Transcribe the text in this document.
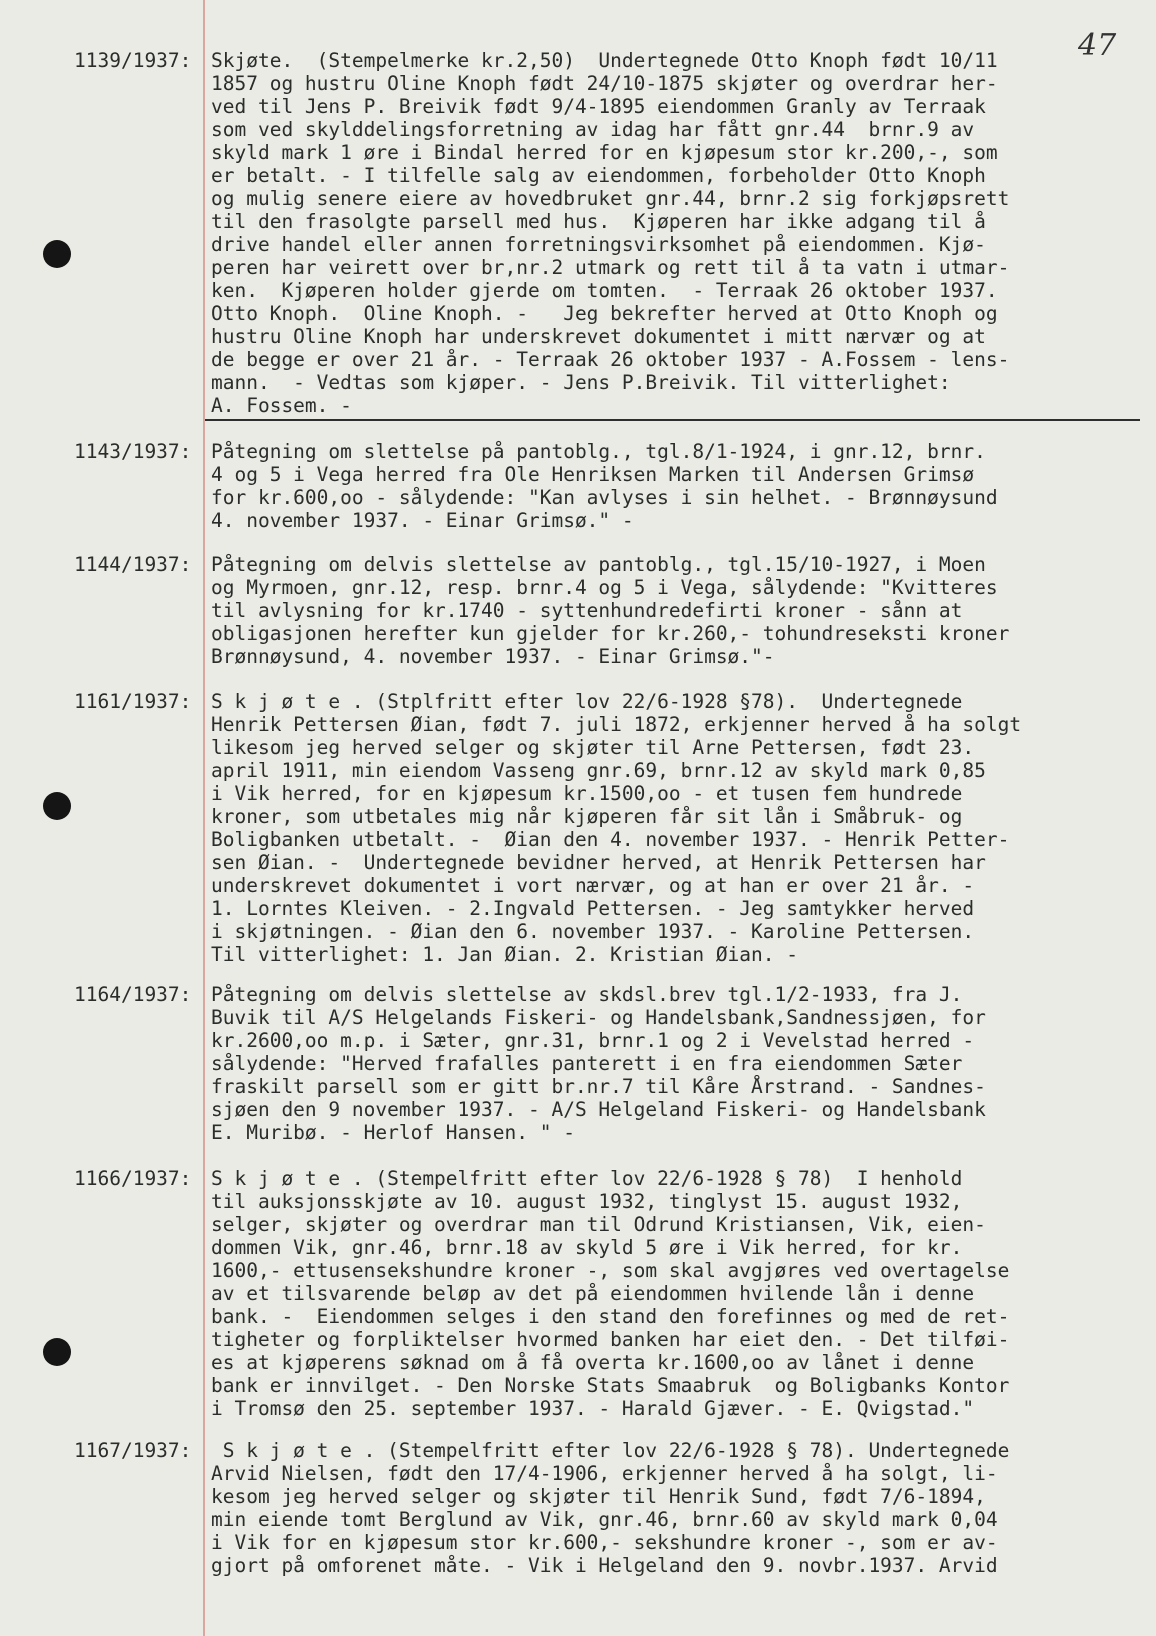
47
1139/1937:	Skjøte.  (Stempelmerke kr.2,50)  Undertegnede Otto Knoph født 10/11
1857 og hustru Oline Knoph født 24/10-1875 skjøter og overdrar her-
ved til Jens P. Breivik født 9/4-1895 eiendommen Granly av Terraak
som ved skylddelingsforretning av idag har fått gnr.44  brnr.9 av
skyld mark 1 øre i Bindal herred for en kjøpesum stor kr.200,-, som
er betalt. - I tilfelle salg av eiendommen, forbeholder Otto Knoph
og mulig senere eiere av hovedbruket gnr.44, brnr.2 sig forkjøpsrett
til den frasolgte parsell med hus.  Kjøperen har ikke adgang til å
drive handel eller annen forretningsvirksomhet på eiendommen. Kjø-
peren har veirett over br,nr.2 utmark og rett til å ta vatn i utmar-
ken.  Kjøperen holder gjerde om tomten.  - Terraak 26 oktober 1937.
Otto Knoph.  Oline Knoph. -   Jeg bekrefter herved at Otto Knoph og
hustru Oline Knoph har underskrevet dokumentet i mitt nærvær og at
de begge er over 21 år. - Terraak 26 oktober 1937 - A.Fossem - lens-
mann.  - Vedtas som kjøper. - Jens P.Breivik. Til vitterlighet:
A. Fossem. -
1143/1937:	Påtegning om slettelse på pantoblg., tgl.8/1-1924, i gnr.12, brnr.
4 og 5 i Vega herred fra Ole Henriksen Marken til Andersen Grimsø
for kr.600,oo - sålydende: "Kan avlyses i sin helhet. - Brønnøysund
4. november 1937. - Einar Grimsø." -
1144/1937:	Påtegning om delvis slettelse av pantoblg., tgl.15/10-1927, i Moen
og Myrmoen, gnr.12, resp. brnr.4 og 5 i Vega, sålydende: "Kvitteres
til avlysning for kr.1740 - syttenhundredefirti kroner - sånn at
obligasjonen herefter kun gjelder for kr.260,- tohundreseksti kroner
Brønnøysund, 4. november 1937. - Einar Grimsø."-
1161/1937:	S k j ø t e . (Stplfritt efter lov 22/6-1928 §78).  Undertegnede
Henrik Pettersen Øian, født 7. juli 1872, erkjenner herved å ha solgt
likesom jeg herved selger og skjøter til Arne Pettersen, født 23.
april 1911, min eiendom Vasseng gnr.69, brnr.12 av skyld mark 0,85
i Vik herred, for en kjøpesum kr.1500,oo - et tusen fem hundrede
kroner, som utbetales mig når kjøperen får sit lån i Småbruk- og
Boligbanken utbetalt. -  Øian den 4. november 1937. - Henrik Petter-
sen Øian. -  Undertegnede bevidner herved, at Henrik Pettersen har
underskrevet dokumentet i vort nærvær, og at han er over 21 år. -
1. Lorntes Kleiven. - 2.Ingvald Pettersen. - Jeg samtykker herved
i skjøtningen. - Øian den 6. november 1937. - Karoline Pettersen.
Til vitterlighet: 1. Jan Øian. 2. Kristian Øian. -
1164/1937:	Påtegning om delvis slettelse av skdsl.brev tgl.1/2-1933, fra J.
Buvik til A/S Helgelands Fiskeri- og Handelsbank,Sandnessjøen, for
kr.2600,oo m.p. i Sæter, gnr.31, brnr.1 og 2 i Vevelstad herred -
sålydende: "Herved frafalles panterett i en fra eiendommen Sæter
fraskilt parsell som er gitt br.nr.7 til Kåre Årstrand. - Sandnes-
sjøen den 9 november 1937. - A/S Helgeland Fiskeri- og Handelsbank
E. Muribø. - Herlof Hansen. " -
1166/1937:	S k j ø t e . (Stempelfritt efter lov 22/6-1928 § 78)  I henhold
til auksjonsskjøte av 10. august 1932, tinglyst 15. august 1932,
selger, skjøter og overdrar man til Odrund Kristiansen, Vik, eien-
dommen Vik, gnr.46, brnr.18 av skyld 5 øre i Vik herred, for kr.
1600,- ettusensekshundre kroner -, som skal avgjøres ved overtagelse
av et tilsvarende beløp av det på eiendommen hvilende lån i denne
bank. -  Eiendommen selges i den stand den forefinnes og med de ret-
tigheter og forpliktelser hvormed banken har eiet den. - Det tilføi-
es at kjøperens søknad om å få overta kr.1600,oo av lånet i denne
bank er innvilget. - Den Norske Stats Smaabruk  og Boligbanks Kontor
i Tromsø den 25. september 1937. - Harald Gjæver. - E. Qvigstad."
1167/1937:	S k j ø t e . (Stempelfritt efter lov 22/6-1928 § 78). Undertegnede
Arvid Nielsen, født den 17/4-1906, erkjenner herved å ha solgt, li-
kesom jeg herved selger og skjøter til Henrik Sund, født 7/6-1894,
min eiende tomt Berglund av Vik, gnr.46, brnr.60 av skyld mark 0,04
i Vik for en kjøpesum stor kr.600,- sekshundre kroner -, som er av-
gjort på omforenet måte. - Vik i Helgeland den 9. novbr.1937. Arvid
